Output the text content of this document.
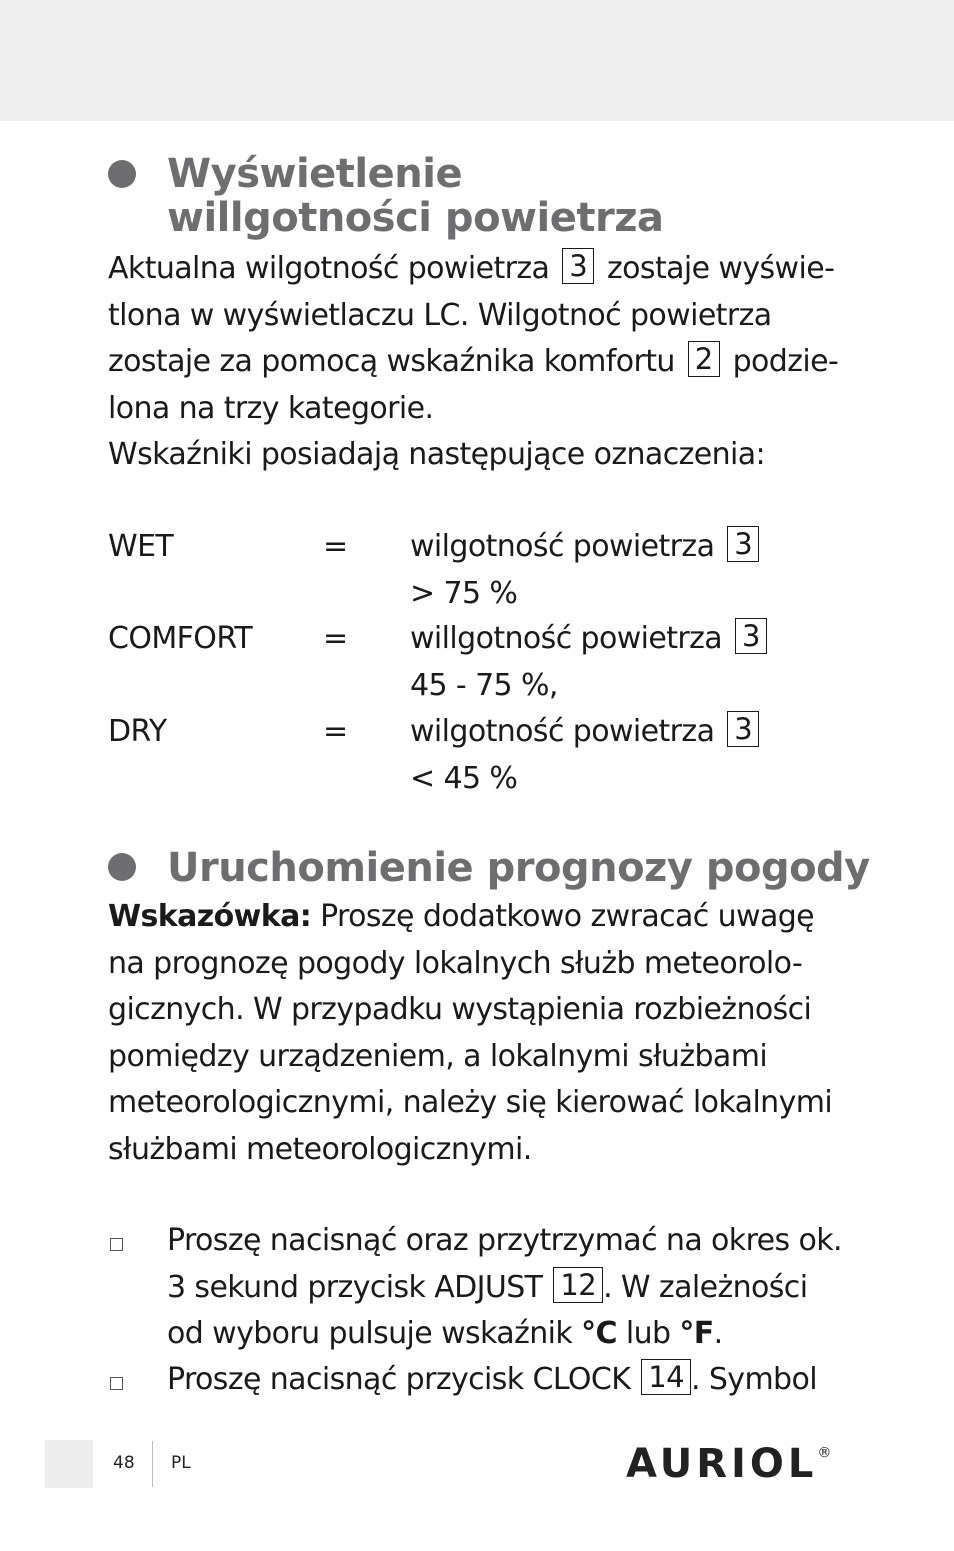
Wyświetlenie
willgotności powietrza
Aktualna wilgotność powietrza 3 zostaje wyświe-
tlona w wyświetlaczu LC. Wilgotnoć powietrza
zostaje za pomocą wskaźnika komfortu 2 podzie-
lona na trzy kategorie.
Wskaźniki posiadają następujące oznaczenia:
WET	= wilgotność powietrza 3
> 75 %
COMFORT = willgotność powietrza 3
45 - 75 %,
DRY	= wilgotność powietrza 3
< 45 %
Uruchomienie prognozy pogody
Wskazówka: Proszę dodatkowo zwracać uwagę
na prognozę pogody lokalnych służb meteorolo-
gicznych. W przypadku wystąpienia rozbieżności
pomiędzy urządzeniem, a lokalnymi służbami
meteorologicznymi, należy się kierować lokalnymi
służbami meteorologicznymi.
Proszę nacisnąć oraz przytrzymać na okres ok.
3 sekund przycisk ADJUST 12 . W zależności
od wyboru pulsuje wskaźnik °C lub °F.
Proszę nacisnąć przycisk CLOCK 14 . Symbol
48 PL	AURIOL®
